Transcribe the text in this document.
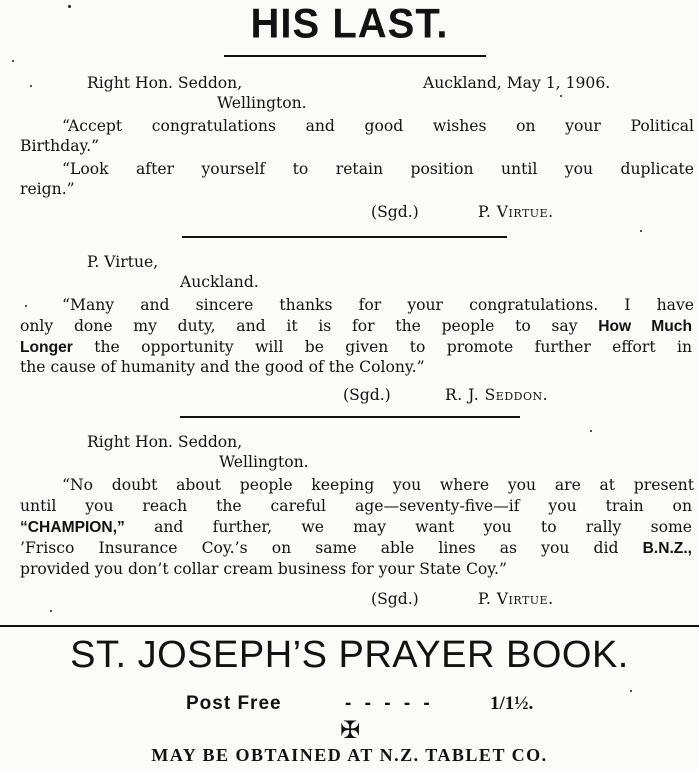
HIS LAST.
Right Hon. Seddon,	Auckland, May 1, 1906.
Wellington.
“Accept congratulations and good wishes on your Political
Birthday.”
“Look after yourself to retain position until you duplicate
reign.”
(Sgd.)	P. Virtue.
P. Virtue,
Auckland.
“Many and sincere thanks for your congratulations. I have
only done my duty, and it is for the people to say How Much
Longer the opportunity will be given to promote further effort in
the cause of humanity and the good of the Colony.”
(Sgd.)	R. J. Seddon.
Right Hon. Seddon,
Wellington.
“No doubt about people keeping you where you are at present
until you reach the careful age—seventy-five—if you train on
“CHAMPION,” and further, we may want you to rally some
’Frisco Insurance Coy.’s on same able lines as you did B.N.Z.,
provided you don’t collar cream business for your State Coy.”
(Sgd.)	P. Virtue.
ST. JOSEPH’S PRAYER BOOK.
Post Free	- - - - -	1/1½.
✠
MAY BE OBTAINED AT N.Z. TABLET CO.
